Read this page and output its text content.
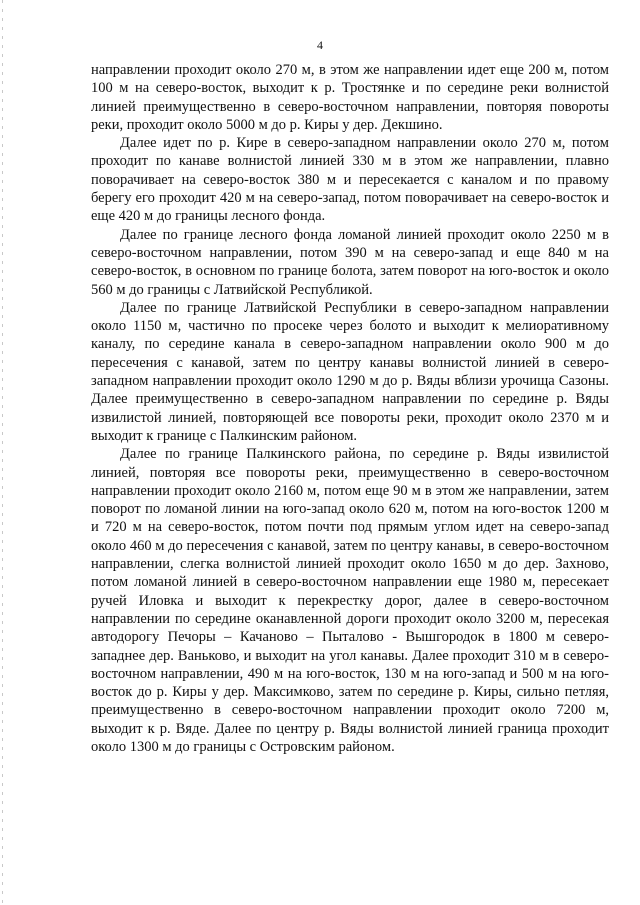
4

направлении проходит около 270 м, в этом же направлении идет еще 200 м, потом 100 м на северо-восток, выходит к р. Тростянке и по середине реки волнистой линией преимущественно в северо-восточном направлении, повторяя повороты реки, проходит около 5000 м до р. Киры у дер. Декшино.

Далее идет по р. Кире в северо-западном направлении около 270 м, потом проходит по канаве волнистой линией 330 м в этом же направлении, плавно поворачивает на северо-восток 380 м и пересекается с каналом и по правому берегу его проходит 420 м на северо-запад, потом поворачивает на северо-восток и еще 420 м до границы лесного фонда.

Далее по границе лесного фонда ломаной линией проходит около 2250 м в северо-восточном направлении, потом 390 м на северо-запад и еще 840 м на северо-восток, в основном по границе болота, затем поворот на юго-восток и около 560 м до границы с Латвийской Республикой.

Далее по границе Латвийской Республики в северо-западном направлении около 1150 м, частично по просеке через болото и выходит к мелиоративному каналу, по середине канала в северо-западном направлении около 900 м до пересечения с канавой, затем по центру канавы волнистой линией в северо-западном направлении проходит около 1290 м до р. Вяды вблизи урочища Сазоны. Далее преимущественно в северо-западном направлении по середине р. Вяды извилистой линией, повторяющей все повороты реки, проходит около 2370 м и выходит к границе с Палкинским районом.

Далее по границе Палкинского района, по середине р. Вяды извилистой линией, повторяя все повороты реки, преимущественно в северо-восточном направлении проходит около 2160 м, потом еще 90 м в этом же направлении, затем поворот по ломаной линии на юго-запад около 620 м, потом на юго-восток 1200 м и 720 м на северо-восток, потом почти под прямым углом идет на северо-запад около 460 м до пересечения с канавой, затем по центру канавы, в северо-восточном направлении, слегка волнистой линией проходит около 1650 м до дер. Захново, потом ломаной линией в северо-восточном направлении еще 1980 м, пересекает ручей Иловка и выходит к перекрестку дорог, далее в северо-восточном направлении по середине оканавленной дороги проходит около 3200 м, пересекая автодорогу Печоры – Качаново – Пыталово - Вышгородок в 1800 м северо-западнее дер. Ваньково, и выходит на угол канавы. Далее проходит 310 м в северо-восточном направлении, 490 м на юго-восток, 130 м на юго-запад и 500 м на юго-восток до р. Киры у дер. Максимково, затем по середине р. Киры, сильно петляя, преимущественно в северо-восточном направлении проходит около 7200 м, выходит к р. Вяде. Далее по центру р. Вяды волнистой линией граница проходит около 1300 м до границы с Островским районом.
